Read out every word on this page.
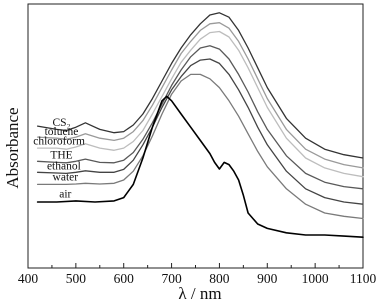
400 500 600 700 800 900 1000 1100
CS₂
toluene
chloroform
THE
ethanol
water
air
λ / nm
Absorbance
